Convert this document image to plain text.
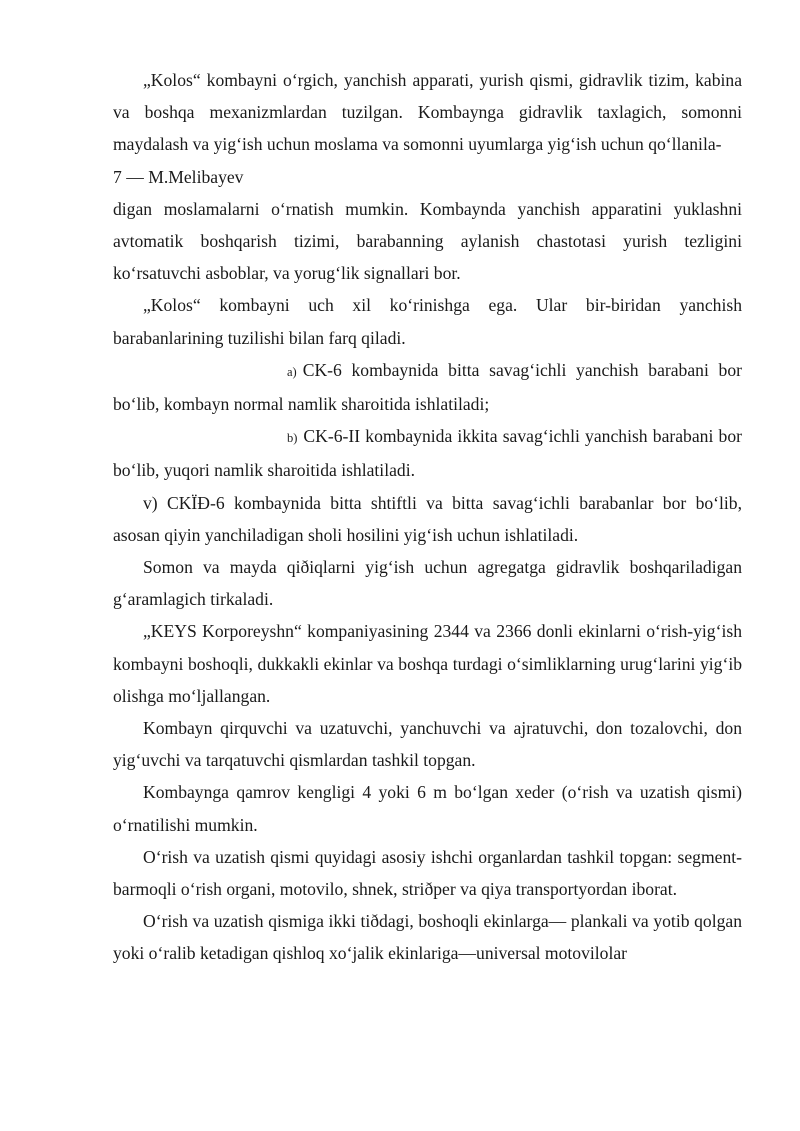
„Kolos“ kombayni o‘rgich, yanchish apparati, yurish qismi, gidravlik tizim, kabina va boshqa mexanizmlardan tuzilgan. Kombaynga gidravlik taxlagich, somonni maydalash va yig‘ish uchun moslama va somonni uyumlarga yig‘ish uchun qo‘llanila-

7 — M.Melibayev

digan moslamalarni o‘rnatish mumkin. Kombaynda yanchish apparatini yuklashni avtomatik boshqarish tizimi, barabanning aylanish chastotasi yurish tezligini ko‘rsatuvchi asboblar, va yorug‘lik signallari bor.

„Kolos“ kombayni uch xil ko‘rinishga ega. Ular bir-biridan yanchish barabanlarining tuzilishi bilan farq qiladi.

a) CK-6 kombaynida bitta savag‘ichli yanchish barabani bor bo‘lib, kombayn normal namlik sharoitida ishlatiladi;

b) CK-6-II kombaynida ikkita savag‘ichli yanchish barabani bor bo‘lib, yuqori namlik sharoitida ishlatiladi.

v) CKÏÐ-6 kombaynida bitta shtiftli va bitta savag‘ichli barabanlar bor bo‘lib, asosan qiyin yanchiladigan sholi hosilini yig‘ish uchun ishlatiladi.

Somon va mayda qiðiqlarni yig‘ish uchun agregatga gidravlik boshqariladigan g‘aramlagich tirkaladi.

„KEYS Korporeyshn“ kompaniyasining 2344 va 2366 donli ekinlarni o‘rish-yig‘ish kombayni boshoqli, dukkakli ekinlar va boshqa turdagi o‘simliklarning urug‘larini yig‘ib olishga mo‘ljallangan.

Kombayn qirquvchi va uzatuvchi, yanchuvchi va ajratuvchi, don tozalovchi, don yig‘uvchi va tarqatuvchi qismlardan tashkil topgan.

Kombaynga qamrov kengligi 4 yoki 6 m bo‘lgan xeder (o‘rish va uzatish qismi) o‘rnatilishi mumkin.

O‘rish va uzatish qismi quyidagi asosiy ishchi organlardan tashkil topgan: segment-barmoqli o‘rish organi, motovilo, shnek, striðper va qiya transportyordan iborat.

O‘rish va uzatish qismiga ikki tiðdagi, boshoqli ekinlarga— plankali va yotib qolgan yoki o‘ralib ketadigan qishloq xo‘jalik ekinlariga—universal motovilolar
